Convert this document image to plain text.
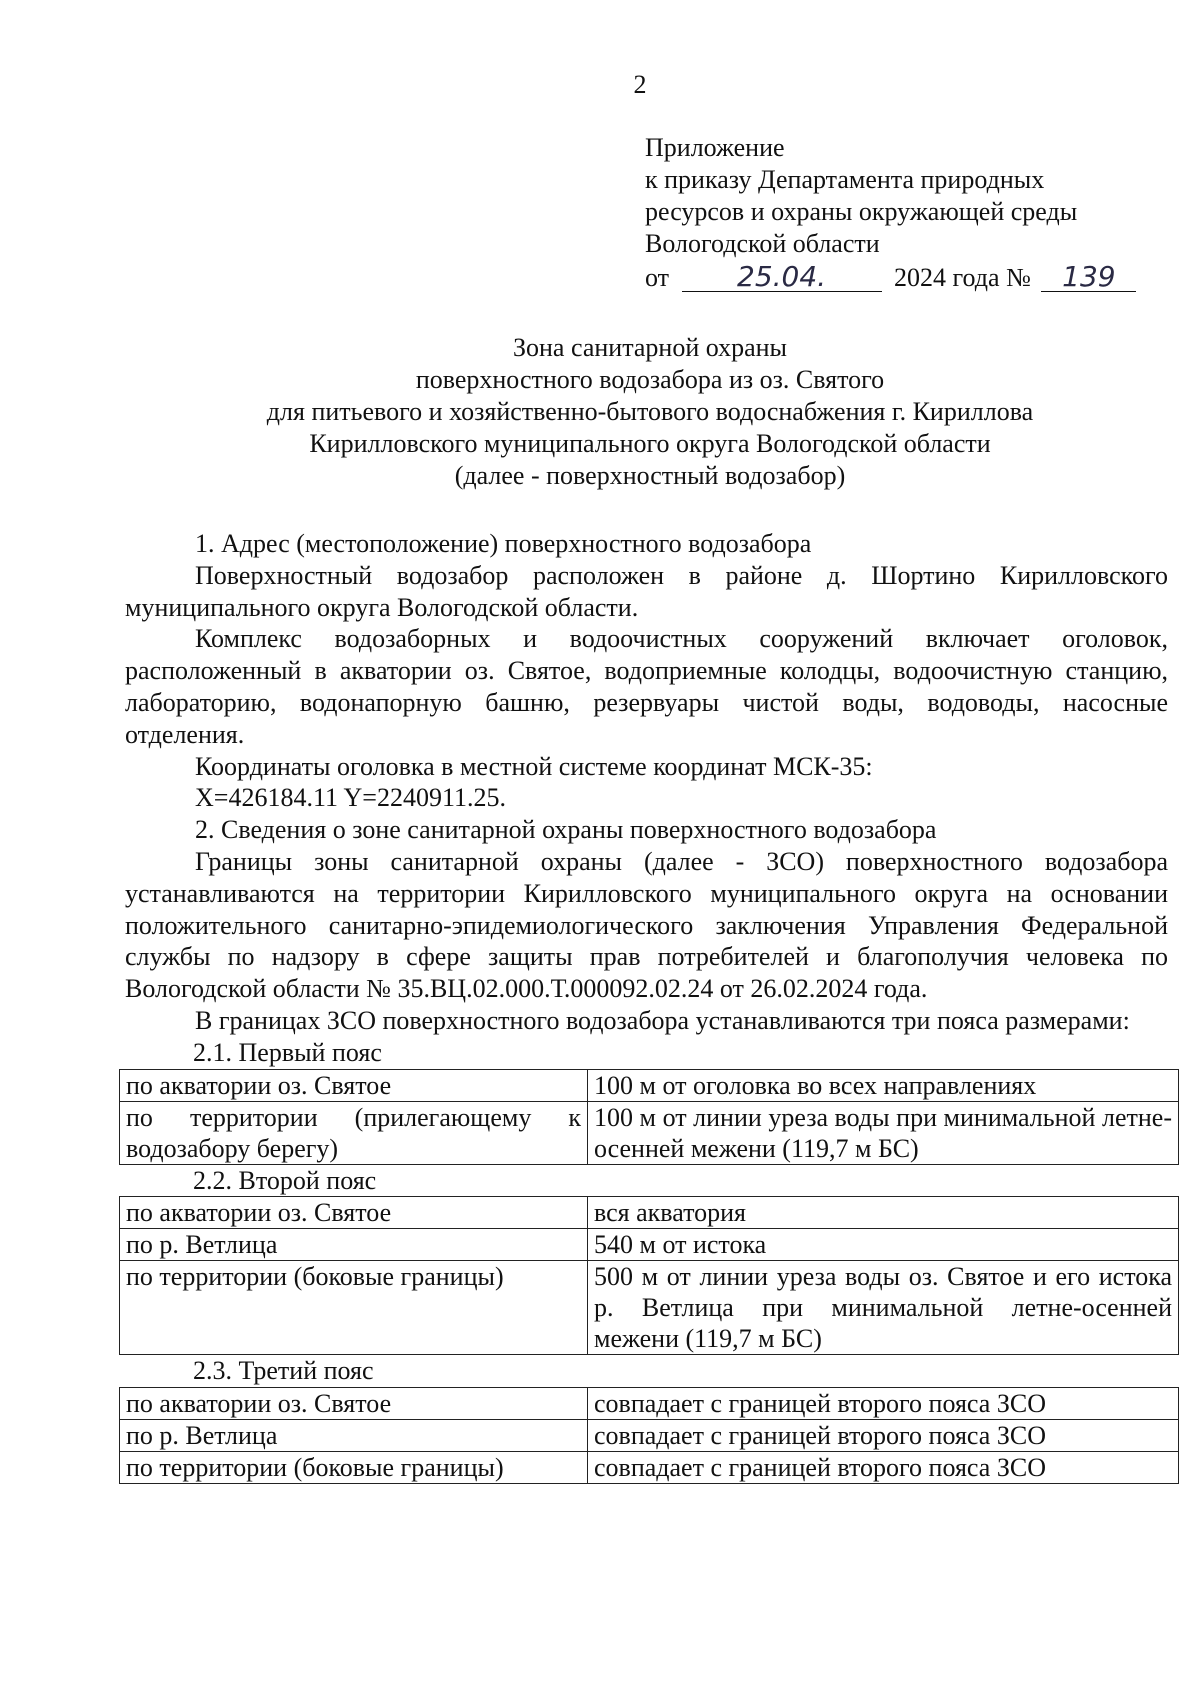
2
Приложение
к приказу Департамента природных
ресурсов и охраны окружающей среды
Вологодской области
от 25.04.	2024 года № 139
Зона санитарной охраны
поверхностного водозабора из оз. Святого
для питьевого и хозяйственно-бытового водоснабжения г. Кириллова
Кирилловского муниципального округа Вологодской области
(далее - поверхностный водозабор)

1. Адрес (местоположение) поверхностного водозабора

Поверхностный водозабор расположен в районе д. Шортино Кирилловского муниципального округа Вологодской области.

Комплекс водозаборных и водоочистных сооружений включает оголовок, расположенный в акватории оз. Святое, водоприемные колодцы, водоочистную станцию, лабораторию, водонапорную башню, резервуары чистой воды, водоводы, насосные отделения.

Координаты оголовка в местной системе координат МСК-35:

X=426184.11 Y=2240911.25.

2. Сведения о зоне санитарной охраны поверхностного водозабора

Границы зоны санитарной охраны (далее - ЗСО) поверхностного водозабора устанавливаются на территории Кирилловского муниципального округа на основании положительного санитарно-эпидемиологического заключения Управления Федеральной службы по надзору в сфере защиты прав потребителей и благополучия человека по Вологодской области № 35.ВЦ.02.000.Т.000092.02.24 от 26.02.2024 года.

В границах ЗСО поверхностного водозабора устанавливаются три пояса размерами:

2.1. Первый пояс
по акватории оз. Святое	100 м от оголовка во всех направлениях
по территории (прилегающему к водозабору берегу)	100 м от линии уреза воды при минимальной летне-осенней межени (119,7 м БС)
2.2. Второй пояс
по акватории оз. Святое	вся акватория
по р. Ветлица	540 м от истока
по территории (боковые границы)	500 м от линии уреза воды оз. Святое и его истока р. Ветлица при минимальной летне-осенней межени (119,7 м БС)
2.3. Третий пояс
по акватории оз. Святое	совпадает с границей второго пояса ЗСО
по р. Ветлица	совпадает с границей второго пояса ЗСО
по территории (боковые границы)	совпадает с границей второго пояса ЗСО
